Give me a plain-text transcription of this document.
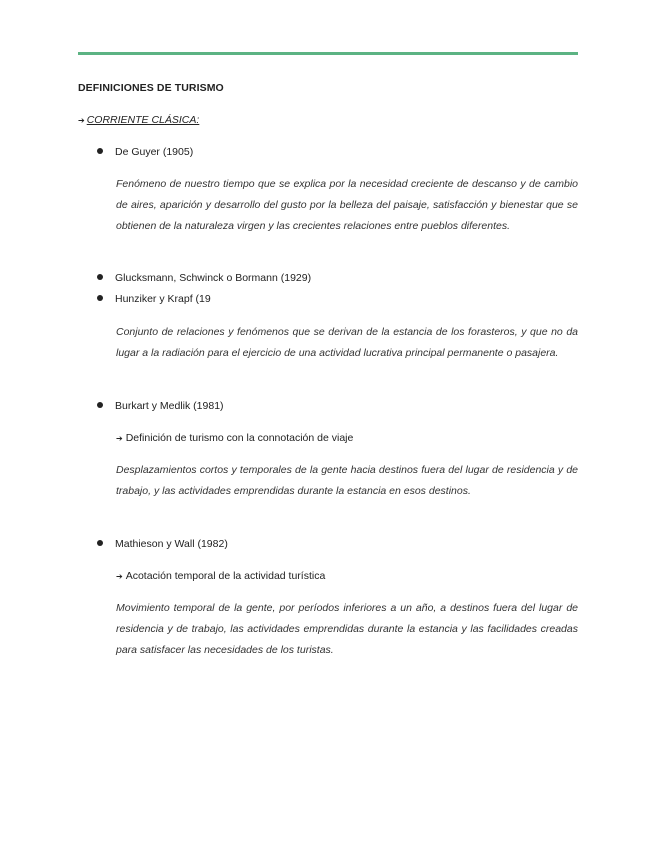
DEFINICIONES DE TURISMO
➔ CORRIENTE CLÁSICA:
De Guyer (1905)

Fenómeno de nuestro tiempo que se explica por la necesidad creciente de descanso y de cambio de aires, aparición y desarrollo del gusto por la belleza del paisaje, satisfacción y bienestar que se obtienen de la naturaleza virgen y las crecientes relaciones entre pueblos diferentes.

Glucksmann, Schwinck o Bormann (1929)
Hunziker y Krapf (19

Conjunto de relaciones y fenómenos que se derivan de la estancia de los forasteros, y que no da lugar a la radiación para el ejercicio de una actividad lucrativa principal permanente o pasajera.

Burkart y Medlik (1981)
➔ Definición de turismo con la connotación de viaje

Desplazamientos cortos y temporales de la gente hacia destinos fuera del lugar de residencia y de trabajo, y las actividades emprendidas durante la estancia en esos destinos.

Mathieson y Wall (1982)
➔ Acotación temporal de la actividad turística

Movimiento temporal de la gente, por períodos inferiores a un año, a destinos fuera del lugar de residencia y de trabajo, las actividades emprendidas durante la estancia y las facilidades creadas para satisfacer las necesidades de los turistas.
